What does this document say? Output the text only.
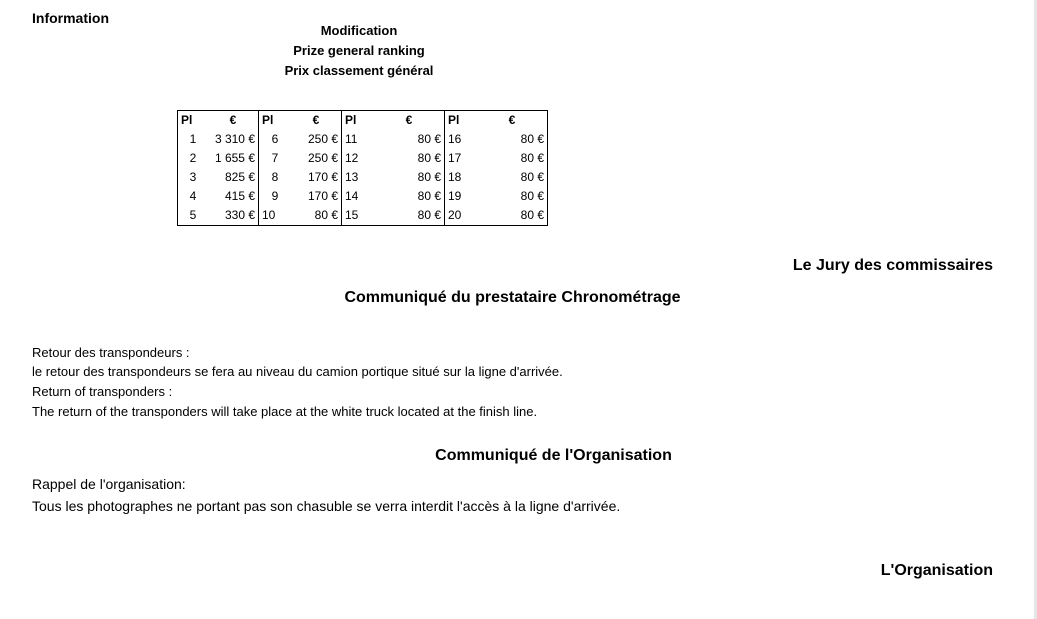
Information
Modification
Prize general ranking
Prix classement général
Pl	€	Pl	€	Pl	€	Pl	€
1	3 310 €	6	250 €	11	80 €	16	80 €
2	1 655 €	7	250 €	12	80 €	17	80 €
3	825 €	8	170 €	13	80 €	18	80 €
4	415 €	9	170 €	14	80 €	19	80 €
5	330 €	10	80 €	15	80 €	20	80 €
Le Jury des commissaires
Communiqué du prestataire Chronométrage
Retour des transpondeurs :
le retour des transpondeurs se fera au niveau du camion portique situé sur la ligne d'arrivée.
Return of transponders :
The return of the transponders will take place at the white truck located at the finish line.
Communiqué de l'Organisation
Rappel de l'organisation:
Tous les photographes ne portant pas son chasuble se verra interdit l'accès à la ligne d'arrivée.
L'Organisation
